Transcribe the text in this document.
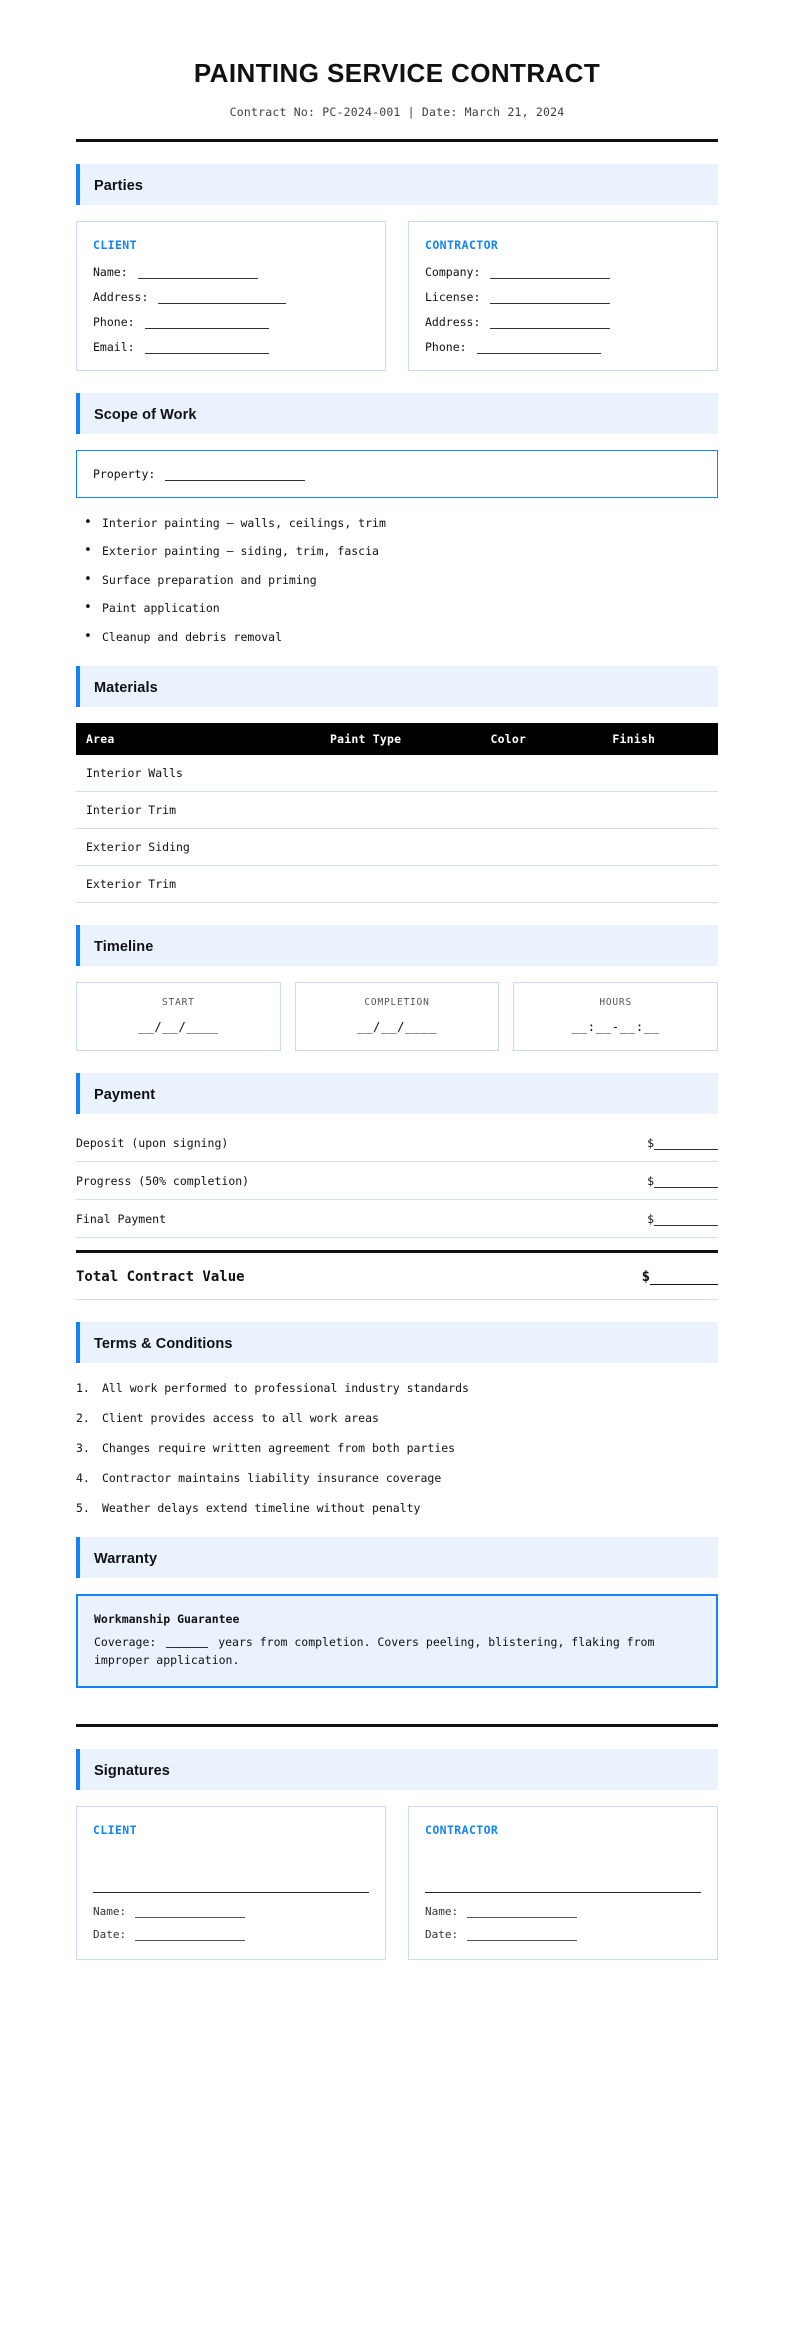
PAINTING SERVICE CONTRACT
Contract No: PC-2024-001 | Date: March 21, 2024
Parties
CLIENT
Name:
Address:
Phone:
Email:
CONTRACTOR
Company:
License:
Address:
Phone:
Scope of Work
Property:
• Interior painting — walls, ceilings, trim
• Exterior painting — siding, trim, fascia
• Surface preparation and priming
• Paint application
• Cleanup and debris removal
Materials
Area	Paint Type	Color	Finish
Interior Walls			
Interior Trim			
Exterior Siding			
Exterior Trim			
Timeline
START
__/__/____
COMPLETION
__/__/____
HOURS
__:__-__:__
Payment
Deposit (upon signing)	$
Progress (50% completion)	$
Final Payment	$
Total Contract Value	$
Terms & Conditions
1. All work performed to professional industry standards
2. Client provides access to all work areas
3. Changes require written agreement from both parties
4. Contractor maintains liability insurance coverage
5. Weather delays extend timeline without penalty
Warranty
Workmanship Guarantee
Coverage:	years from completion. Covers peeling, blistering, flaking from improper application.
Signatures
CLIENT
Name:
Date:
CONTRACTOR
Name:
Date:
